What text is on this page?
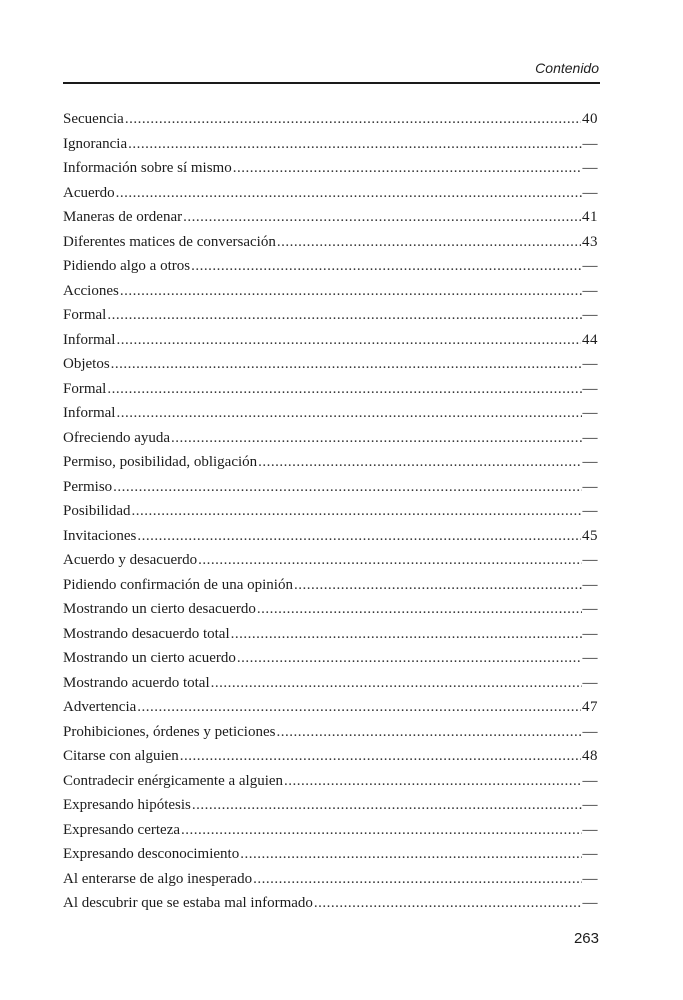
Contenido
Secuencia .....	40
Ignorancia .....	—
Información sobre sí mismo .....	—
Acuerdo .....	—
Maneras de ordenar .....	41
Diferentes matices de conversación .....	43
Pidiendo algo a otros .....	—
Acciones .....	—
Formal .....	—
Informal .....	44
Objetos .....	—
Formal .....	—
Informal .....	—
Ofreciendo ayuda .....	—
Permiso, posibilidad, obligación .....	—
Permiso .....	—
Posibilidad .....	—
Invitaciones .....	45
Acuerdo y desacuerdo .....	—
Pidiendo confirmación de una opinión .....	—
Mostrando un cierto desacuerdo .....	—
Mostrando desacuerdo total .....	—
Mostrando un cierto acuerdo .....	—
Mostrando acuerdo total .....	—
Advertencia .....	47
Prohibiciones, órdenes y peticiones .....	—
Citarse con alguien .....	48
Contradecir enérgicamente a alguien .....	—
Expresando hipótesis .....	—
Expresando certeza .....	—
Expresando desconocimiento .....	—
Al enterarse de algo inesperado .....	—
Al descubrir que se estaba mal informado .....	—
263
